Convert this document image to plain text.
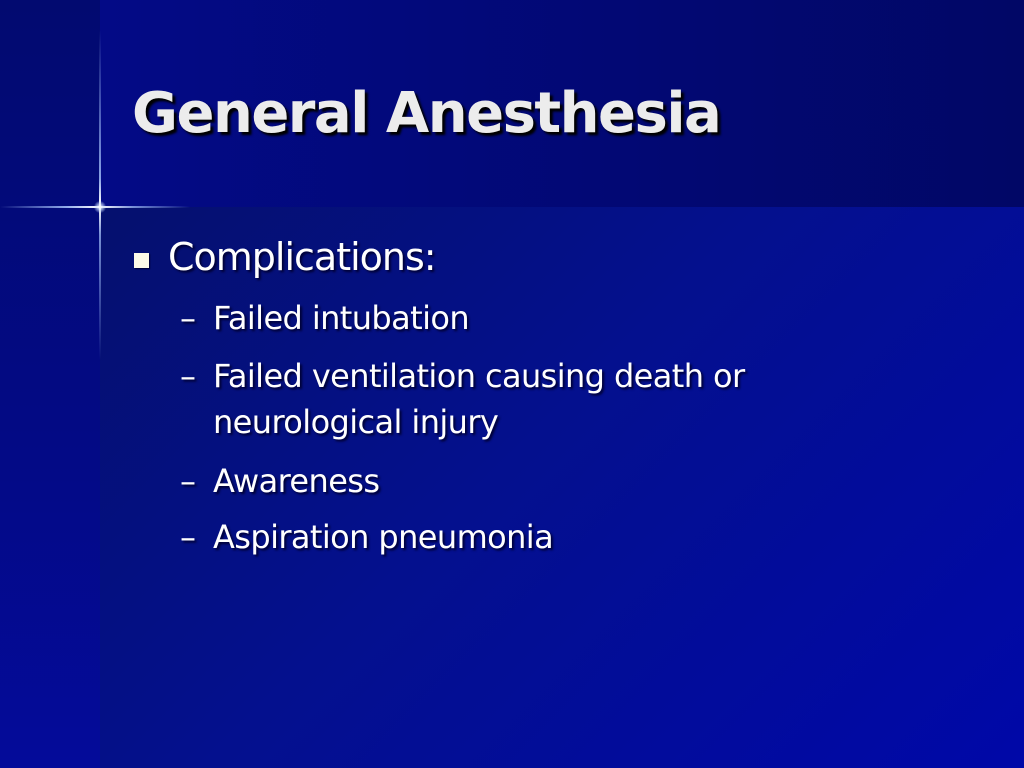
General Anesthesia
Complications:
– Failed intubation
– Failed ventilation causing death or
neurological injury
– Awareness
– Aspiration pneumonia
